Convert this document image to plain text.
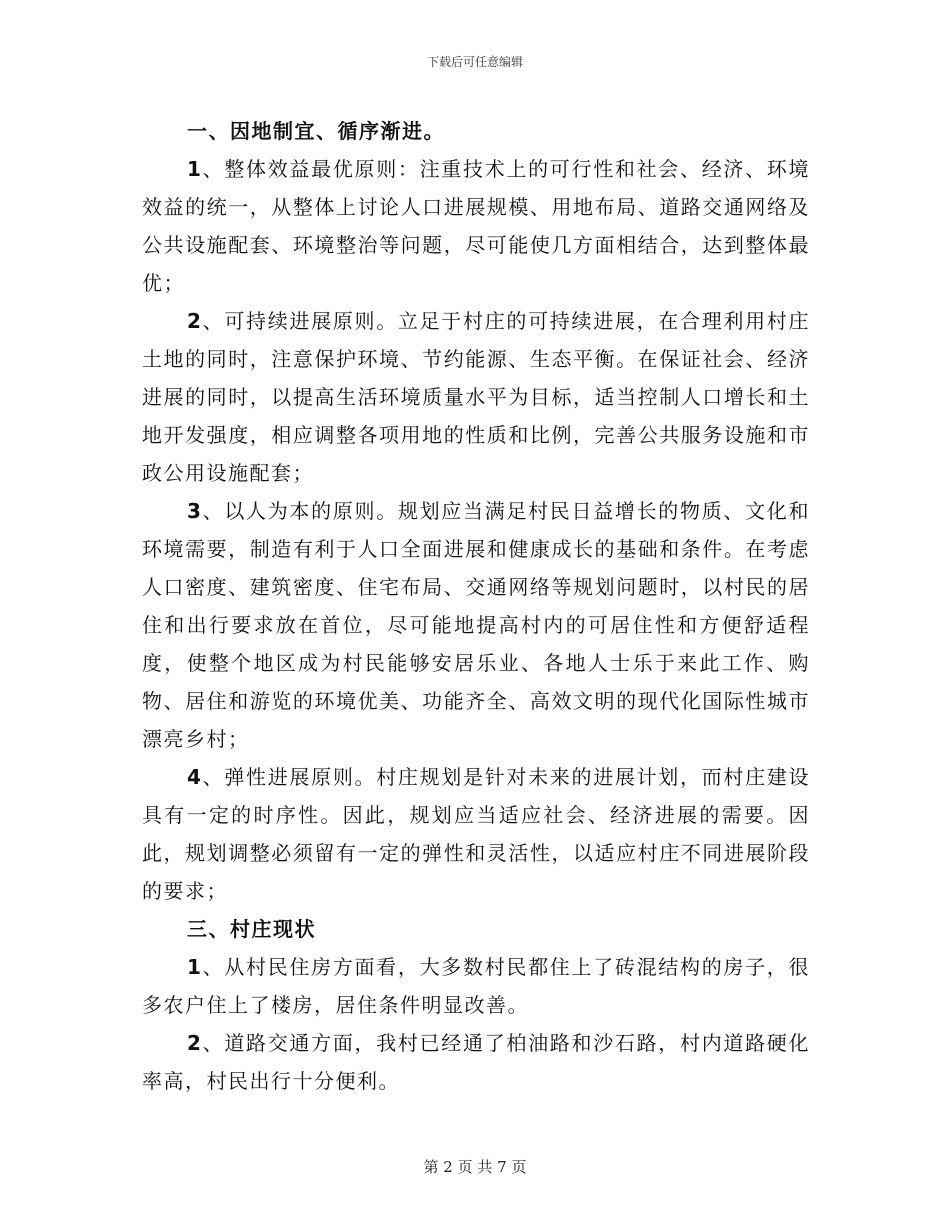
下载后可任意编辑

一、因地制宜、循序渐进。

1、整体效益最优原则：注重技术上的可行性和社会、经济、环境效益的统一，从整体上讨论人口进展规模、用地布局、道路交通网络及公共设施配套、环境整治等问题，尽可能使几方面相结合，达到整体最优；

2、可持续进展原则。立足于村庄的可持续进展，在合理利用村庄土地的同时，注意保护环境、节约能源、生态平衡。在保证社会、经济进展的同时，以提高生活环境质量水平为目标，适当控制人口增长和土地开发强度，相应调整各项用地的性质和比例，完善公共服务设施和市政公用设施配套；

3、以人为本的原则。规划应当满足村民日益增长的物质、文化和环境需要，制造有利于人口全面进展和健康成长的基础和条件。在考虑人口密度、建筑密度、住宅布局、交通网络等规划问题时，以村民的居住和出行要求放在首位，尽可能地提高村内的可居住性和方便舒适程度，使整个地区成为村民能够安居乐业、各地人士乐于来此工作、购物、居住和游览的环境优美、功能齐全、高效文明的现代化国际性城市漂亮乡村；

4、弹性进展原则。村庄规划是针对未来的进展计划，而村庄建设具有一定的时序性。因此，规划应当适应社会、经济进展的需要。因此，规划调整必须留有一定的弹性和灵活性，以适应村庄不同进展阶段的要求；

三、村庄现状

1、从村民住房方面看，大多数村民都住上了砖混结构的房子，很多农户住上了楼房，居住条件明显改善。

2、道路交通方面，我村已经通了柏油路和沙石路，村内道路硬化率高，村民出行十分便利。

第 2 页 共 7 页
